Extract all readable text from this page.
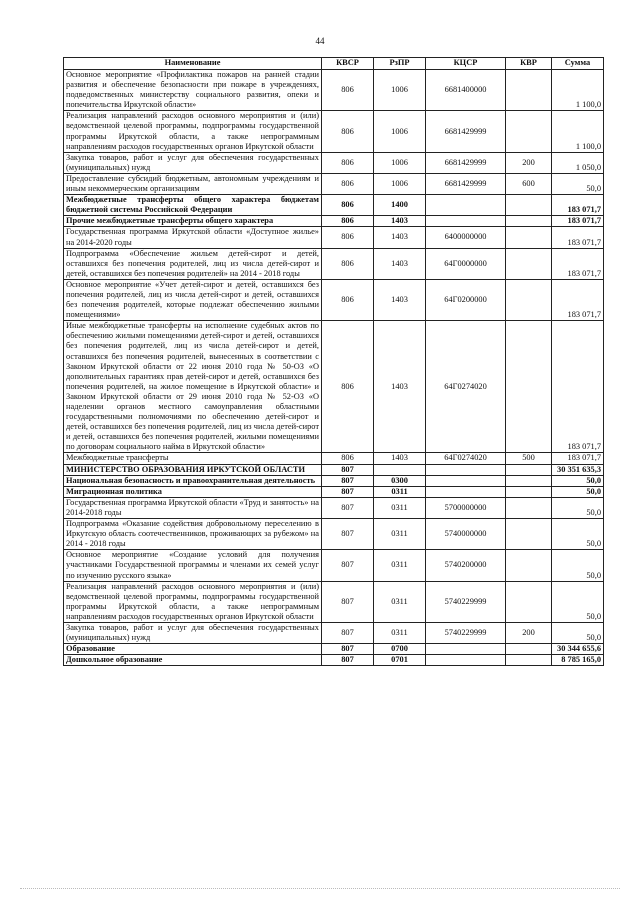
44
Наименование	КВСР	РзПР	КЦСР	КВР	Сумма
Основное мероприятие «Профилактика пожаров на ранней стадии развития и обеспечение безопасности при пожаре в учреждениях, подведомственных министерству социального развития, опеки и попечительства Иркутской области»	806	1006	6681400000		1 100,0
Реализация направлений расходов основного мероприятия и (или) ведомственной целевой программы, подпрограммы государственной программы Иркутской области, а также непрограммным направлениям расходов государственных органов Иркутской области	806	1006	6681429999		1 100,0
Закупка товаров, работ и услуг для обеспечения государственных (муниципальных) нужд	806	1006	6681429999	200	1 050,0
Предоставление субсидий бюджетным, автономным учреждениям и иным некоммерческим организациям	806	1006	6681429999	600	50,0
Межбюджетные трансферты общего характера бюджетам бюджетной системы Российской Федерации	806	1400			183 071,7
Прочие межбюджетные трансферты общего характера	806	1403			183 071,7
Государственная программа Иркутской области «Доступное жилье» на 2014-2020 годы	806	1403	6400000000		183 071,7
Подпрограмма «Обеспечение жильем детей-сирот и детей, оставшихся без попечения родителей, лиц из числа детей-сирот и детей, оставшихся без попечения родителей» на 2014 - 2018 годы	806	1403	64Г0000000		183 071,7
Основное мероприятие «Учет детей-сирот и детей, оставшихся без попечения родителей, лиц из числа детей-сирот и детей, оставшихся без попечения родителей, которые подлежат обеспечению жилыми помещениями»	806	1403	64Г0200000		183 071,7
Иные межбюджетные трансферты на исполнение судебных актов по обеспечению жилыми помещениями детей-сирот и детей, оставшихся без попечения родителей, лиц из числа детей-сирот и детей, оставшихся без попечения родителей, вынесенных в соответствии с Законом Иркутской области от 22 июня 2010 года № 50-ОЗ «О дополнительных гарантиях прав детей-сирот и детей, оставшихся без попечения родителей, на жилое помещение в Иркутской области» и Законом Иркутской области от 29 июня 2010 года № 52-ОЗ «О наделении органов местного самоуправления областными государственными полномочиями по обеспечению детей-сирот и детей, оставшихся без попечения родителей, лиц из числа детей-сирот и детей, оставшихся без попечения родителей, жилыми помещениями по договорам социального найма в Иркутской области»	806	1403	64Г0274020		183 071,7
Межбюджетные трансферты	806	1403	64Г0274020	500	183 071,7
МИНИСТЕРСТВО ОБРАЗОВАНИЯ ИРКУТСКОЙ ОБЛАСТИ	807				30 351 635,3
Национальная безопасность и правоохранительная деятельность	807	0300			50,0
Миграционная политика	807	0311			50,0
Государственная программа Иркутской области «Труд и занятость» на 2014-2018 годы	807	0311	5700000000		50,0
Подпрограмма «Оказание содействия добровольному переселению в Иркутскую область соотечественников, проживающих за рубежом» на 2014 - 2018 годы	807	0311	5740000000		50,0
Основное мероприятие «Создание условий для получения участниками Государственной программы и членами их семей услуг по изучению русского языка»	807	0311	5740200000		50,0
Реализация направлений расходов основного мероприятия и (или) ведомственной целевой программы, подпрограммы государственной программы Иркутской области, а также непрограммным направлениям расходов государственных органов Иркутской области	807	0311	5740229999		50,0
Закупка товаров, работ и услуг для обеспечения государственных (муниципальных) нужд	807	0311	5740229999	200	50,0
Образование	807	0700			30 344 655,6
Дошкольное образование	807	0701			8 785 165,0
